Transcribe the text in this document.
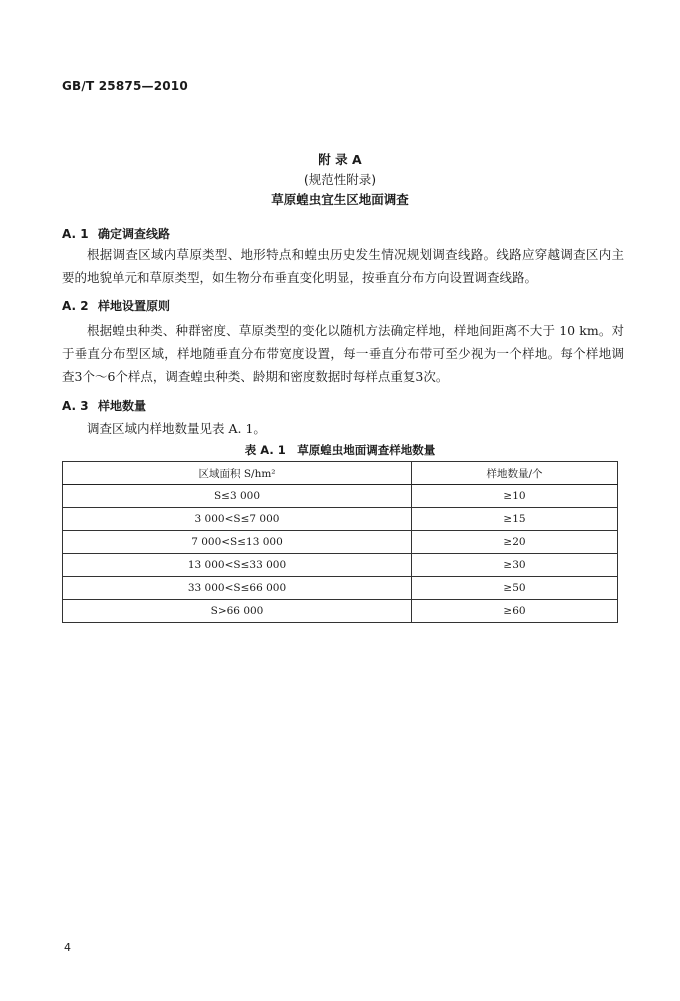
GB/T 25875—2010
附 录 A
(规范性附录)
草原蝗虫宜生区地面调查
A. 1 确定调查线路
根据调查区域内草原类型、地形特点和蝗虫历史发生情况规划调查线路。线路应穿越调查区内主要的地貌单元和草原类型，如生物分布垂直变化明显，按垂直分布方向设置调查线路。
A. 2 样地设置原则
根据蝗虫种类、种群密度、草原类型的变化以随机方法确定样地，样地间距离不大于 10 km。对于垂直分布型区域，样地随垂直分布带宽度设置，每一垂直分布带可至少视为一个样地。每个样地调查3个～6个样点，调查蝗虫种类、龄期和密度数据时每样点重复3次。
A. 3 样地数量
调查区域内样地数量见表 A. 1。
表 A. 1　草原蝗虫地面调查样地数量
区域面积 S/hm²	样地数量/个
S≤3 000	≥10
3 000<S≤7 000	≥15
7 000<S≤13 000	≥20
13 000<S≤33 000	≥30
33 000<S≤66 000	≥50
S>66 000	≥60
4
